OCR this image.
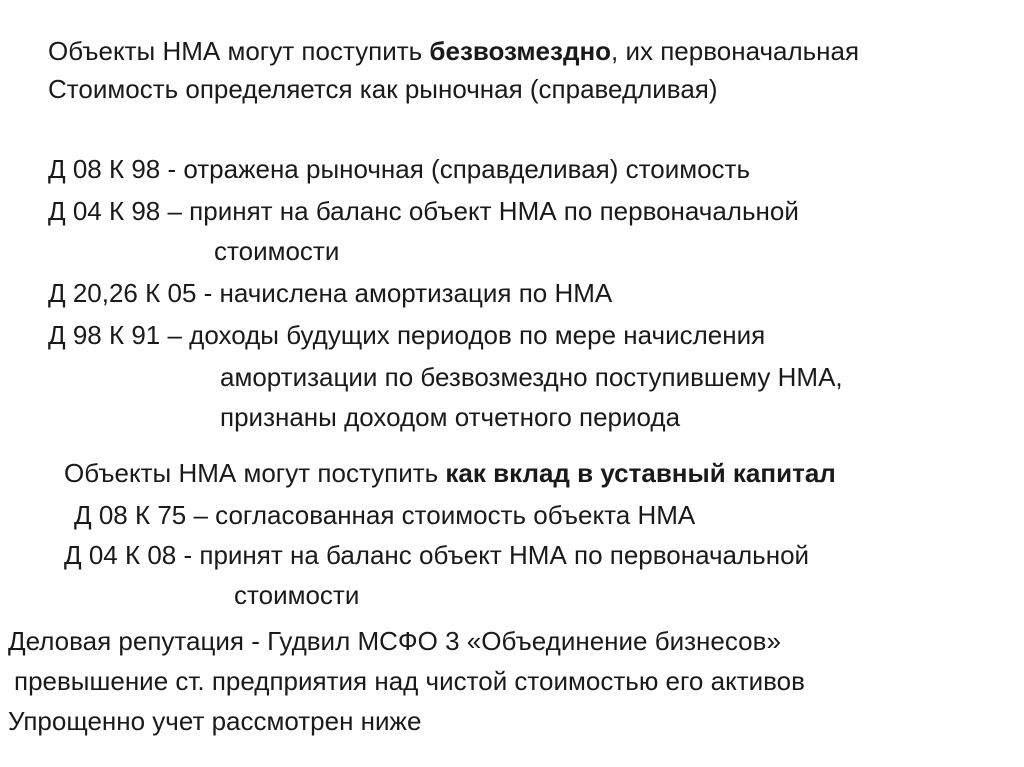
Объекты НМА могут поступить безвозмездно, их первоначальная
Стоимость определяется как рыночная (справедливая)
Д 08 К 98 - отражена рыночная (справделивая) стоимость
Д 04 К 98 – принят на баланс объект НМА по первоначальной
стоимости
Д 20,26 К 05 - начислена амортизация по НМА
Д 98 К 91 – доходы будущих периодов по мере начисления
амортизации по безвозмездно поступившему НМА,
признаны доходом отчетного периода
Объекты НМА могут поступить как вклад в уставный капитал
Д 08 К 75 – согласованная стоимость объекта НМА
Д 04 К 08 - принят на баланс объект НМА по первоначальной
стоимости
Деловая репутация - Гудвил МСФО 3 «Объединение бизнесов»
превышение ст. предприятия над чистой стоимостью его активов
Упрощенно учет рассмотрен ниже
